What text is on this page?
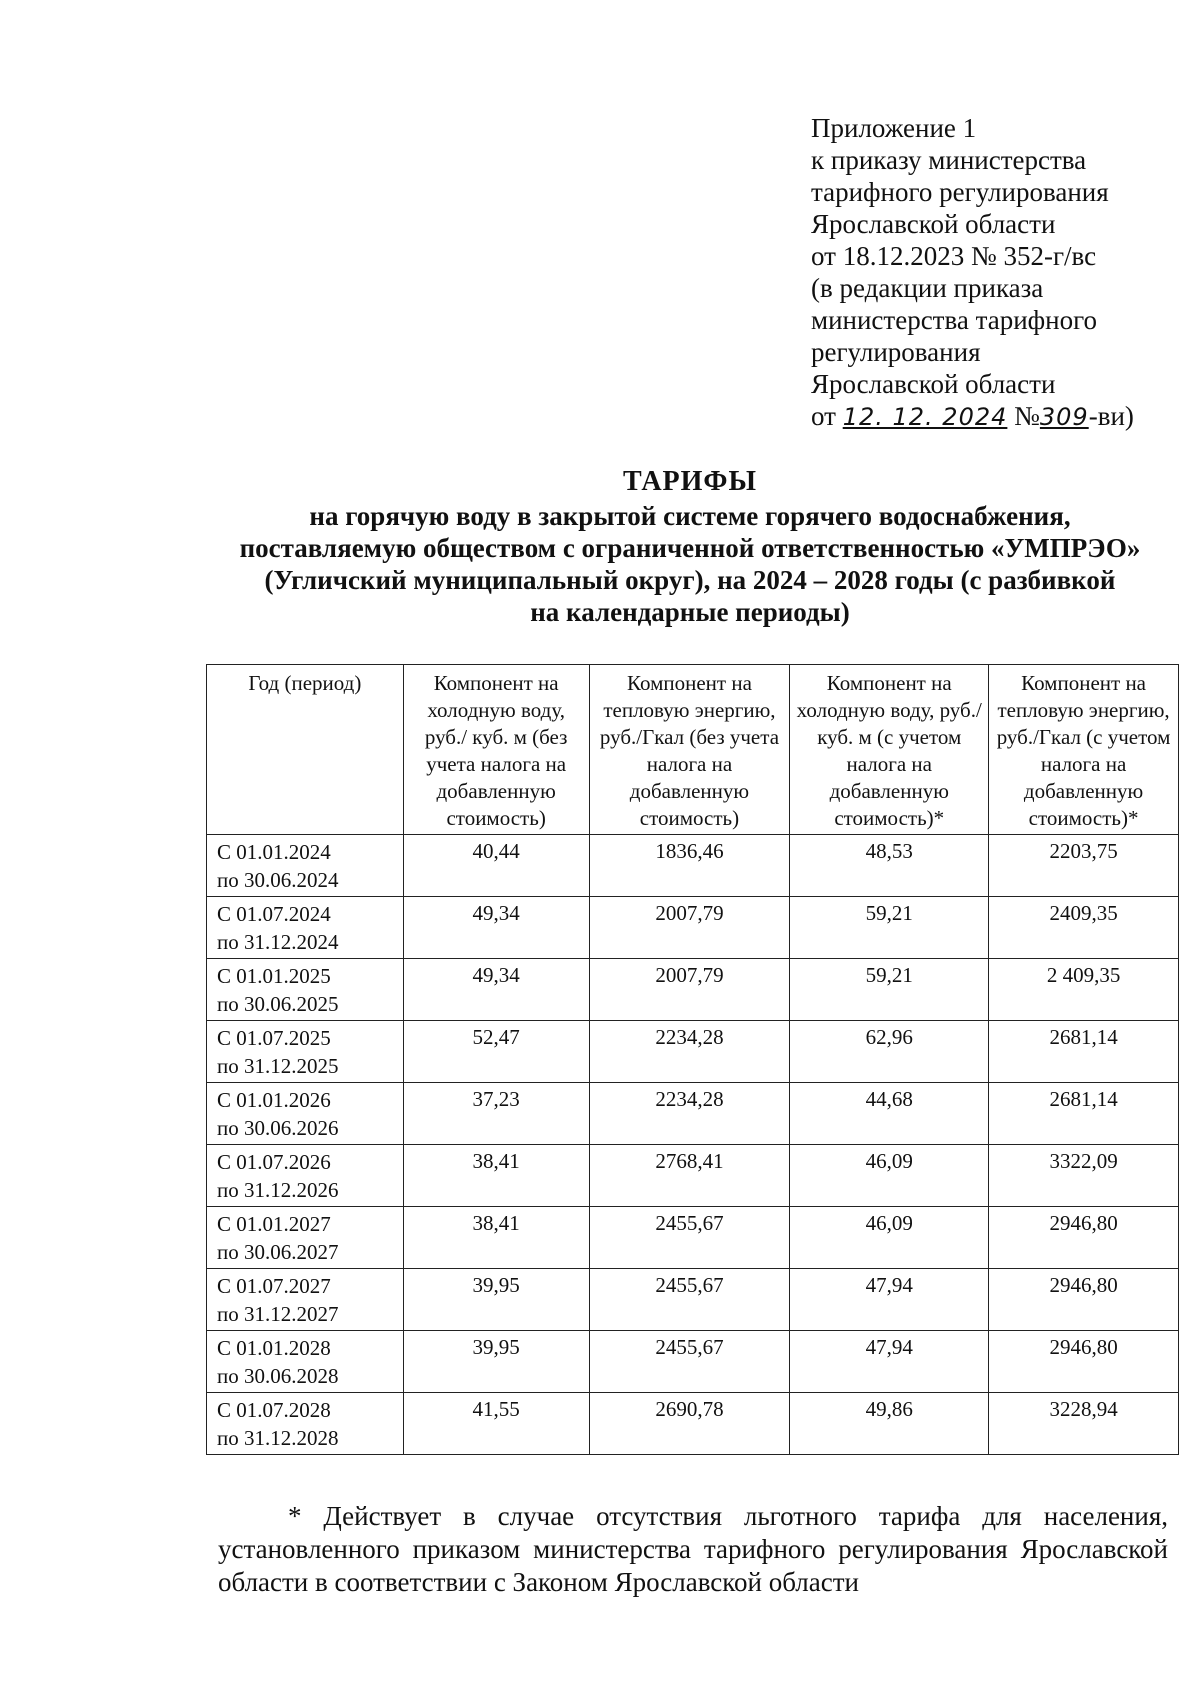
Приложение 1
к приказу министерства
тарифного регулирования
Ярославской области
от 18.12.2023 № 352-г/вс
(в редакции приказа
министерства тарифного
регулирования
Ярославской области
от 12. 12. 2024 №309-ви)
ТАРИФЫ
на горячую воду в закрытой системе горячего водоснабжения,
поставляемую обществом с ограниченной ответственностью «УМПРЭО»
(Угличский муниципальный округ), на 2024 – 2028 годы (с разбивкой
на календарные периоды)
Год (период)	Компонент на холодную воду, руб./ куб. м (без учета налога на добавленную стоимость)	Компонент на тепловую энергию, руб./Гкал (без учета налога на добавленную стоимость)	Компонент на холодную воду, руб./ куб. м (с учетом налога на добавленную стоимость)*	Компонент на тепловую энергию, руб./Гкал (с учетом налога на добавленную стоимость)*

С 01.01.2024
по 30.06.2024	40,44	1836,46	48,53	2203,75

С 01.07.2024
по 31.12.2024	49,34	2007,79	59,21	2409,35

С 01.01.2025
по 30.06.2025	49,34	2007,79	59,21	2 409,35

С 01.07.2025
по 31.12.2025	52,47	2234,28	62,96	2681,14

С 01.01.2026
по 30.06.2026	37,23	2234,28	44,68	2681,14

С 01.07.2026
по 31.12.2026	38,41	2768,41	46,09	3322,09

С 01.01.2027
по 30.06.2027	38,41	2455,67	46,09	2946,80

С 01.07.2027
по 31.12.2027	39,95	2455,67	47,94	2946,80

С 01.01.2028
по 30.06.2028	39,95	2455,67	47,94	2946,80

С 01.07.2028
по 31.12.2028	41,55	2690,78	49,86	3228,94
* Действует в случае отсутствия льготного тарифа для населения, установленного приказом министерства тарифного регулирования Ярославской области в соответствии с Законом Ярославской области
